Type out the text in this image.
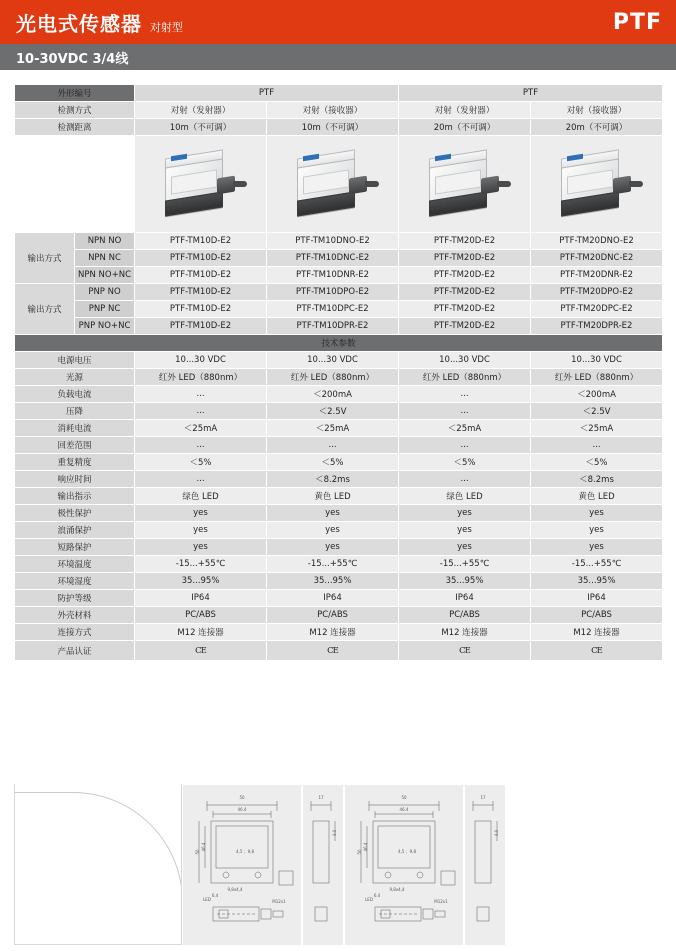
光电式传感器 对射型	PTF
10-30VDC 3/4线
外形编号		PTF		PTF	
检测方式		对射（发射器）	对射（接收器）	对射（发射器）	对射（接收器）
检测距离		10m（不可调）	10m（不可调）	20m（不可调）	20m（不可调）

输出方式	NPN NO	PTF-TM10D-E2	PTF-TM10DNO-E2	PTF-TM20D-E2	PTF-TM20DNO-E2
	NPN NC	PTF-TM10D-E2	PTF-TM10DNC-E2	PTF-TM20D-E2	PTF-TM20DNC-E2
	NPN NO+NC	PTF-TM10D-E2	PTF-TM10DNR-E2	PTF-TM20D-E2	PTF-TM20DNR-E2
输出方式	PNP NO	PTF-TM10D-E2	PTF-TM10DPO-E2	PTF-TM20D-E2	PTF-TM20DPO-E2
	PNP NC	PTF-TM10D-E2	PTF-TM10DPC-E2	PTF-TM20D-E2	PTF-TM20DPC-E2
	PNP NO+NC	PTF-TM10D-E2	PTF-TM10DPR-E2	PTF-TM20D-E2	PTF-TM20DPR-E2
技术参数					
电源电压		10...30 VDC	10...30 VDC	10...30 VDC	10...30 VDC
光源		红外 LED（880nm）	红外 LED（880nm）	红外 LED（880nm）	红外 LED（880nm）
负载电流		...	＜200mA	...	＜200mA
压降		...	＜2.5V	...	＜2.5V
消耗电流		＜25mA	＜25mA	＜25mA	＜25mA
回差范围		...	...	...	...
重复精度		＜5%	＜5%	＜5%	＜5%
响应时间		...	＜8.2ms	...	＜8.2ms
输出指示		绿色 LED	黄色 LED	绿色 LED	黄色 LED
极性保护		yes	yes	yes	yes
浪涌保护		yes	yes	yes	yes
短路保护		yes	yes	yes	yes
环境温度		-15...+55℃	-15...+55℃	-15...+55℃	-15...+55℃
环境湿度		35...95%	35...95%	35...95%	35...95%
防护等级		IP64	IP64	IP64	IP64
外壳材料		PC/ABS	PC/ABS	PC/ABS	PC/ABS
连接方式		M12 连接器	M12 连接器	M12 连接器	M12 连接器
产品认证		CE	CE	CE	CE
50
46.4
4,5 ；9,8
9,8x4,4
LED
6.4
M12x1
50
46.4
17
4.0
50
46.4
4,5 ；9,8
9,8x4,4
LED
6.4
M12x1
50
46.4
17
4.0
